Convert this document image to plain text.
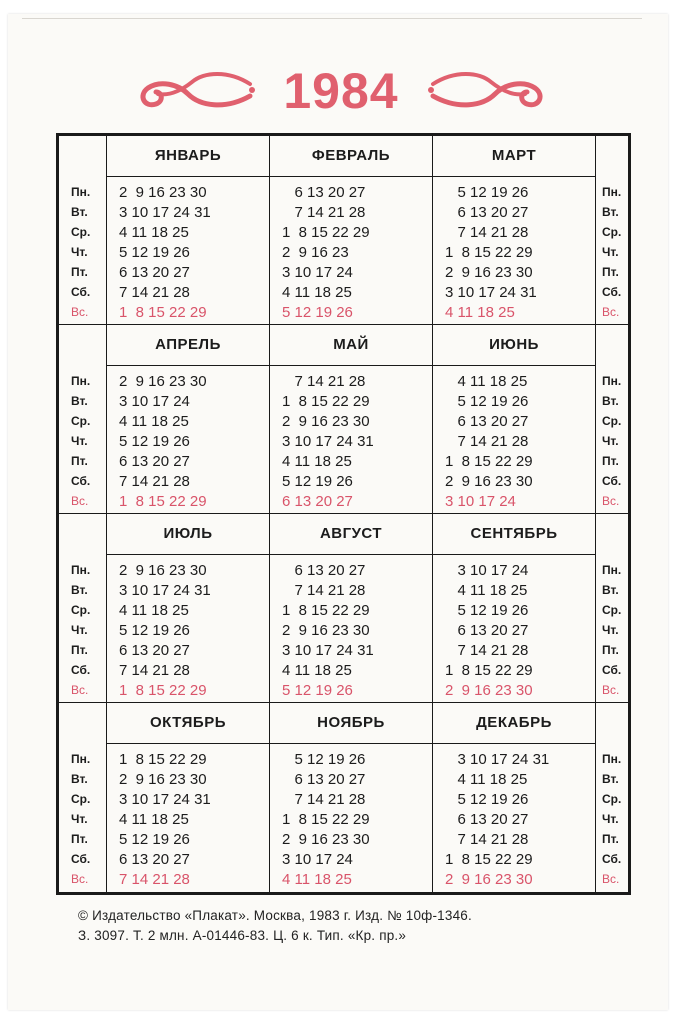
1984
Пн.
Вт.
Ср.
Чт.
Пт.
Сб.
Вс.
ЯНВАРЬ
2  9 16 23 30
3 10 17 24 31
4 11 18 25
5 12 19 26
6 13 20 27
7 14 21 28
1  8 15 22 29
ФЕВРАЛЬ
6 13 20 27
7 14 21 28
1  8 15 22 29
2  9 16 23
3 10 17 24
4 11 18 25
5 12 19 26
МАРТ
5 12 19 26
6 13 20 27
7 14 21 28
1  8 15 22 29
2  9 16 23 30
3 10 17 24 31
4 11 18 25
Пн.
Вт.
Ср.
Чт.
Пт.
Сб.
Вс.
Пн.
Вт.
Ср.
Чт.
Пт.
Сб.
Вс.
АПРЕЛЬ
2  9 16 23 30
3 10 17 24
4 11 18 25
5 12 19 26
6 13 20 27
7 14 21 28
1  8 15 22 29
МАЙ
7 14 21 28
1  8 15 22 29
2  9 16 23 30
3 10 17 24 31
4 11 18 25
5 12 19 26
6 13 20 27
ИЮНЬ
4 11 18 25
5 12 19 26
6 13 20 27
7 14 21 28
1  8 15 22 29
2  9 16 23 30
3 10 17 24
Пн.
Вт.
Ср.
Чт.
Пт.
Сб.
Вс.
Пн.
Вт.
Ср.
Чт.
Пт.
Сб.
Вс.
ИЮЛЬ
2  9 16 23 30
3 10 17 24 31
4 11 18 25
5 12 19 26
6 13 20 27
7 14 21 28
1  8 15 22 29
АВГУСТ
6 13 20 27
7 14 21 28
1  8 15 22 29
2  9 16 23 30
3 10 17 24 31
4 11 18 25
5 12 19 26
СЕНТЯБРЬ
3 10 17 24
4 11 18 25
5 12 19 26
6 13 20 27
7 14 21 28
1  8 15 22 29
2  9 16 23 30
Пн.
Вт.
Ср.
Чт.
Пт.
Сб.
Вс.
Пн.
Вт.
Ср.
Чт.
Пт.
Сб.
Вс.
ОКТЯБРЬ
1  8 15 22 29
2  9 16 23 30
3 10 17 24 31
4 11 18 25
5 12 19 26
6 13 20 27
7 14 21 28
НОЯБРЬ
5 12 19 26
6 13 20 27
7 14 21 28
1  8 15 22 29
2  9 16 23 30
3 10 17 24
4 11 18 25
ДЕКАБРЬ
3 10 17 24 31
4 11 18 25
5 12 19 26
6 13 20 27
7 14 21 28
1  8 15 22 29
2  9 16 23 30
Пн.
Вт.
Ср.
Чт.
Пт.
Сб.
Вс.
© Издательство «Плакат». Москва, 1983 г. Изд. № 10ф-1346.
З. 3097. Т. 2 млн. А-01446-83. Ц. 6 к. Тип. «Кр. пр.»
